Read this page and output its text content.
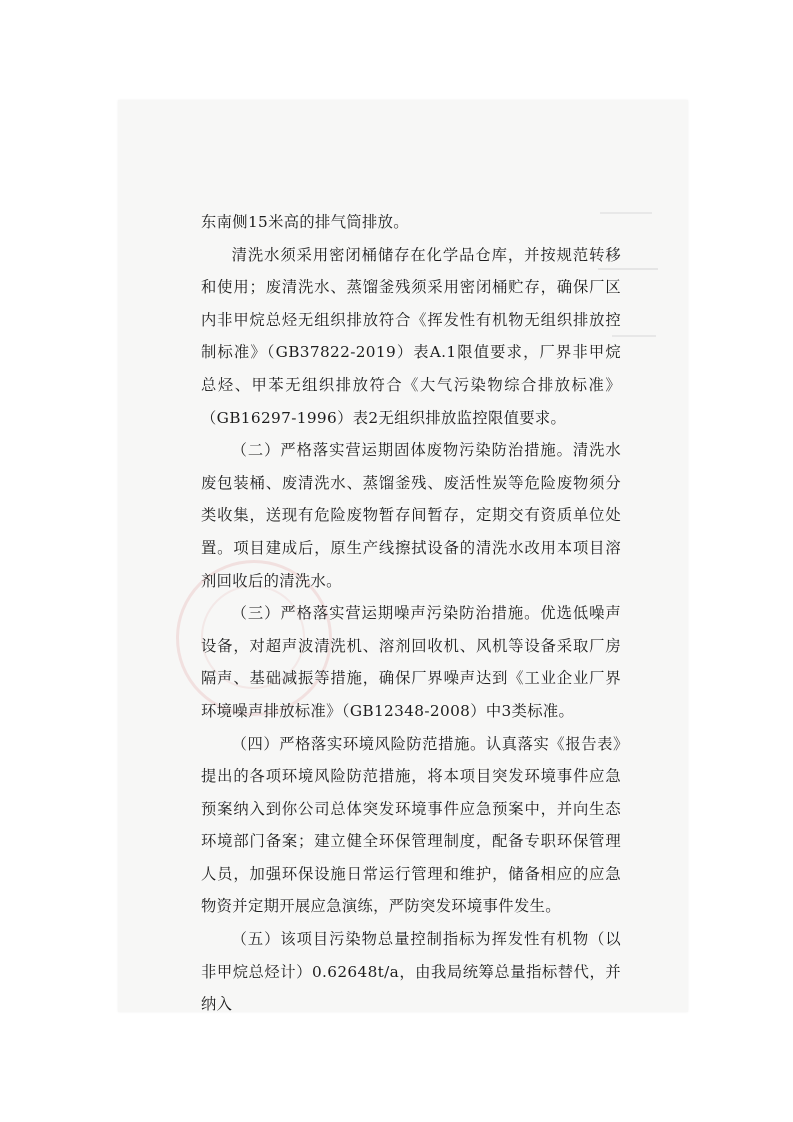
东南侧15米高的排气筒排放。

清洗水须采用密闭桶储存在化学品仓库，并按规范转移和使用；废清洗水、蒸馏釜残须采用密闭桶贮存，确保厂区内非甲烷总烃无组织排放符合《挥发性有机物无组织排放控制标准》（GB37822-2019）表A.1限值要求，厂界非甲烷总烃、甲苯无组织排放符合《大气污染物综合排放标准》（GB16297-1996）表2无组织排放监控限值要求。

（二）严格落实营运期固体废物污染防治措施。清洗水废包装桶、废清洗水、蒸馏釜残、废活性炭等危险废物须分类收集，送现有危险废物暂存间暂存，定期交有资质单位处置。项目建成后，原生产线擦拭设备的清洗水改用本项目溶剂回收后的清洗水。

（三）严格落实营运期噪声污染防治措施。优选低噪声设备，对超声波清洗机、溶剂回收机、风机等设备采取厂房隔声、基础减振等措施，确保厂界噪声达到《工业企业厂界环境噪声排放标准》（GB12348-2008）中3类标准。

（四）严格落实环境风险防范措施。认真落实《报告表》提出的各项环境风险防范措施，将本项目突发环境事件应急预案纳入到你公司总体突发环境事件应急预案中，并向生态环境部门备案；建立健全环保管理制度，配备专职环保管理人员，加强环保设施日常运行管理和维护，储备相应的应急物资并定期开展应急演练，严防突发环境事件发生。

（五）该项目污染物总量控制指标为挥发性有机物（以非甲烷总烃计）0.62648t/a，由我局统筹总量指标替代，并纳入
